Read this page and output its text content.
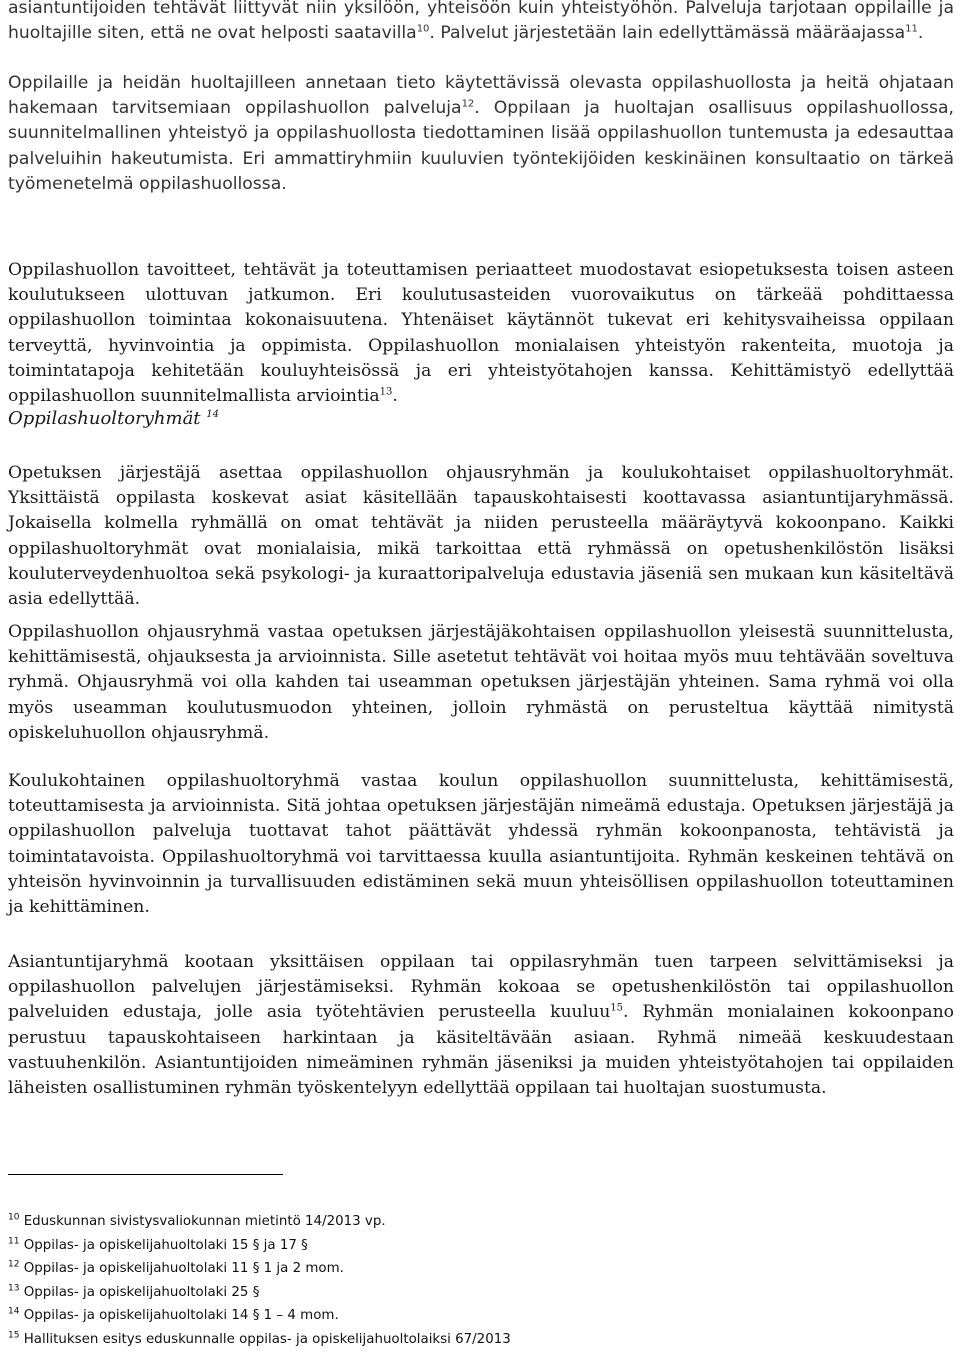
asiantuntijoiden tehtävät liittyvät niin yksilöön, yhteisöön kuin yhteistyöhön. Palveluja tarjotaan oppilaille ja huoltajille siten, että ne ovat helposti saatavilla$^{10}$. Palvelut järjestetään lain edellyttämässä määräajassa$^{11}$.

Oppilaille ja heidän huoltajilleen annetaan tieto käytettävissä olevasta oppilashuollosta ja heitä ohjataan hakemaan tarvitsemiaan oppilashuollon palveluja$^{12}$. Oppilaan ja huoltajan osallisuus oppilashuollossa, suunnitelmallinen yhteistyö ja oppilashuollosta tiedottaminen lisää oppilashuollon tuntemusta ja edesauttaa palveluihin hakeutumista. Eri ammattiryhmiin kuuluvien työntekijöiden keskinäinen konsultaatio on tärkeä työmenetelmä oppilashuollossa.

Oppilashuollon tavoitteet, tehtävät ja toteuttamisen periaatteet muodostavat esiopetuksesta toisen asteen koulutukseen ulottuvan jatkumon. Eri koulutusasteiden vuorovaikutus on tärkeää pohdittaessa oppilashuollon toimintaa kokonaisuutena. Yhtenäiset käytännöt tukevat eri kehitysvaiheissa oppilaan terveyttä, hyvinvointia ja oppimista. Oppilashuollon monialaisen yhteistyön rakenteita, muotoja ja toimintatapoja kehitetään kouluyhteisössä ja eri yhteistyötahojen kanssa. Kehittämistyö edellyttää oppilashuollon suunnitelmallista arviointia$^{13}$.

Oppilashuoltoryhmät $^{14}$

Opetuksen järjestäjä asettaa oppilashuollon ohjausryhmän ja koulukohtaiset oppilashuoltoryhmät. Yksittäistä oppilasta koskevat asiat käsitellään tapauskohtaisesti koottavassa asiantuntijaryhmässä. Jokaisella kolmella ryhmällä on omat tehtävät ja niiden perusteella määräytyvä kokoonpano. Kaikki oppilashuoltoryhmät ovat monialaisia, mikä tarkoittaa että ryhmässä on opetushenkilöstön lisäksi kouluterveydenhuoltoa sekä psykologi- ja kuraattoripalveluja edustavia jäseniä sen mukaan kun käsiteltävä asia edellyttää.

Oppilashuollon ohjausryhmä vastaa opetuksen järjestäjäkohtaisen oppilashuollon yleisestä suunnittelusta, kehittämisestä, ohjauksesta ja arvioinnista. Sille asetetut tehtävät voi hoitaa myös muu tehtävään soveltuva ryhmä. Ohjausryhmä voi olla kahden tai useamman opetuksen järjestäjän yhteinen. Sama ryhmä voi olla myös useamman koulutusmuodon yhteinen, jolloin ryhmästä on perusteltua käyttää nimitystä opiskeluhuollon ohjausryhmä.

Koulukohtainen oppilashuoltoryhmä vastaa koulun oppilashuollon suunnittelusta, kehittämisestä, toteuttamisesta ja arvioinnista. Sitä johtaa opetuksen järjestäjän nimeämä edustaja. Opetuksen järjestäjä ja oppilashuollon palveluja tuottavat tahot päättävät yhdessä ryhmän kokoonpanosta, tehtävistä ja toimintatavoista. Oppilashuoltoryhmä voi tarvittaessa kuulla asiantuntijoita. Ryhmän keskeinen tehtävä on yhteisön hyvinvoinnin ja turvallisuuden edistäminen sekä muun yhteisöllisen oppilashuollon toteuttaminen ja kehittäminen.

Asiantuntijaryhmä kootaan yksittäisen oppilaan tai oppilasryhmän tuen tarpeen selvittämiseksi ja oppilashuollon palvelujen järjestämiseksi. Ryhmän kokoaa se opetushenkilöstön tai oppilashuollon palveluiden edustaja, jolle asia työtehtävien perusteella kuuluu$^{15}$. Ryhmän monialainen kokoonpano perustuu tapauskohtaiseen harkintaan ja käsiteltävään asiaan. Ryhmä nimeää keskuudestaan vastuuhenkilön. Asiantuntijoiden nimeäminen ryhmän jäseniksi ja muiden yhteistyötahojen tai oppilaiden läheisten osallistuminen ryhmän työskentelyyn edellyttää oppilaan tai huoltajan suostumusta.

$^{10}$ Eduskunnan sivistysvaliokunnan mietintö 14/2013 vp.
$^{11}$ Oppilas- ja opiskelijahuoltolaki 15 § ja 17 §
$^{12}$ Oppilas- ja opiskelijahuoltolaki 11 § 1 ja 2 mom.
$^{13}$ Oppilas- ja opiskelijahuoltolaki 25 §
$^{14}$ Oppilas- ja opiskelijahuoltolaki 14 § 1 – 4 mom.
$^{15}$ Hallituksen esitys eduskunnalle oppilas- ja opiskelijahuoltolaiksi 67/2013
